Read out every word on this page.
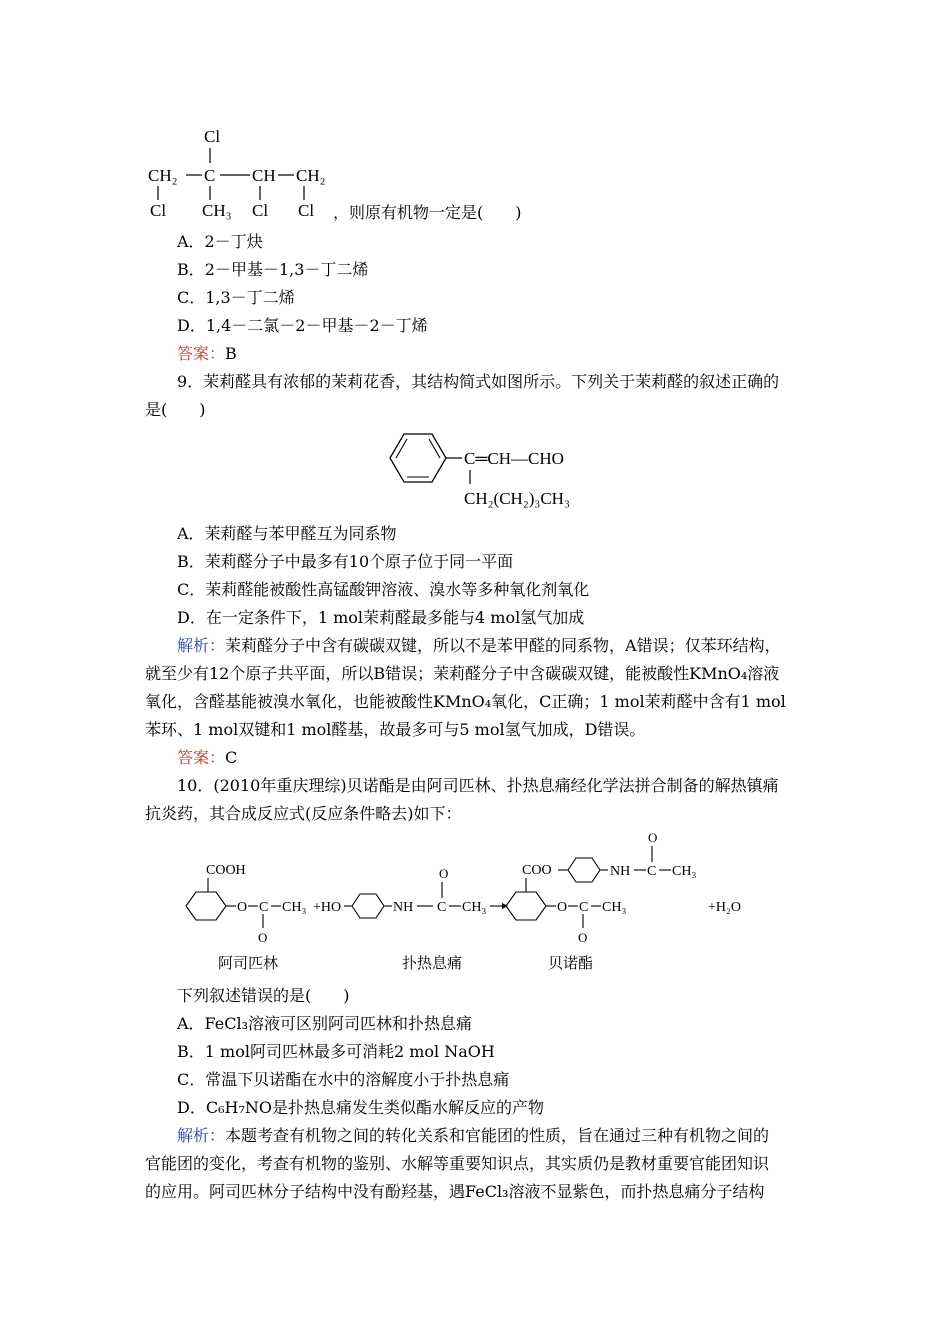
Cl
CH₂ C CH CH₂
Cl CH₃ Cl Cl ，则原有机物一定是(　　)
A．2－丁炔
B．2－甲基－1,3－丁二烯
C．1,3－丁二烯
D．1,4－二氯－2－甲基－2－丁烯
答案：B
9．茉莉醛具有浓郁的茉莉花香，其结构简式如图所示。下列关于茉莉醛的叙述正确的
是(　　)
C═CH—CHO
CH₂(CH₂)₃CH₃
A．茉莉醛与苯甲醛互为同系物
B．茉莉醛分子中最多有10个原子位于同一平面
C．茉莉醛能被酸性高锰酸钾溶液、溴水等多种氧化剂氧化
D．在一定条件下，1 mol茉莉醛最多能与4 mol氢气加成
解析：茉莉醛分子中含有碳碳双键，所以不是苯甲醛的同系物，A错误；仅苯环结构，
就至少有12个原子共平面，所以B错误；茉莉醛分子中含碳碳双键，能被酸性KMnO₄溶液
氧化，含醛基能被溴水氧化，也能被酸性KMnO₄氧化，C正确；1 mol茉莉醛中含有1 mol
苯环、1 mol双键和1 mol醛基，故最多可与5 mol氢气加成，D错误。
答案：C
10．(2010年重庆理综)贝诺酯是由阿司匹林、扑热息痛经化学法拼合制备的解热镇痛
抗炎药，其合成反应式(反应条件略去)如下：
COOH
O C
O
CH₃ +HO	NH
O
C CH₃
COO	NH
O
C CH₃
O C
O
CH₃	+H₂O
阿司匹林	扑热息痛	贝诺酯
下列叙述错误的是(　　)
A．FeCl₃溶液可区别阿司匹林和扑热息痛
B．1 mol阿司匹林最多可消耗2 mol NaOH
C．常温下贝诺酯在水中的溶解度小于扑热息痛
D．C₆H₇NO是扑热息痛发生类似酯水解反应的产物
解析：本题考查有机物之间的转化关系和官能团的性质，旨在通过三种有机物之间的
官能团的变化，考查有机物的鉴别、水解等重要知识点，其实质仍是教材重要官能团知识
的应用。阿司匹林分子结构中没有酚羟基，遇FeCl₃溶液不显紫色，而扑热息痛分子结构
